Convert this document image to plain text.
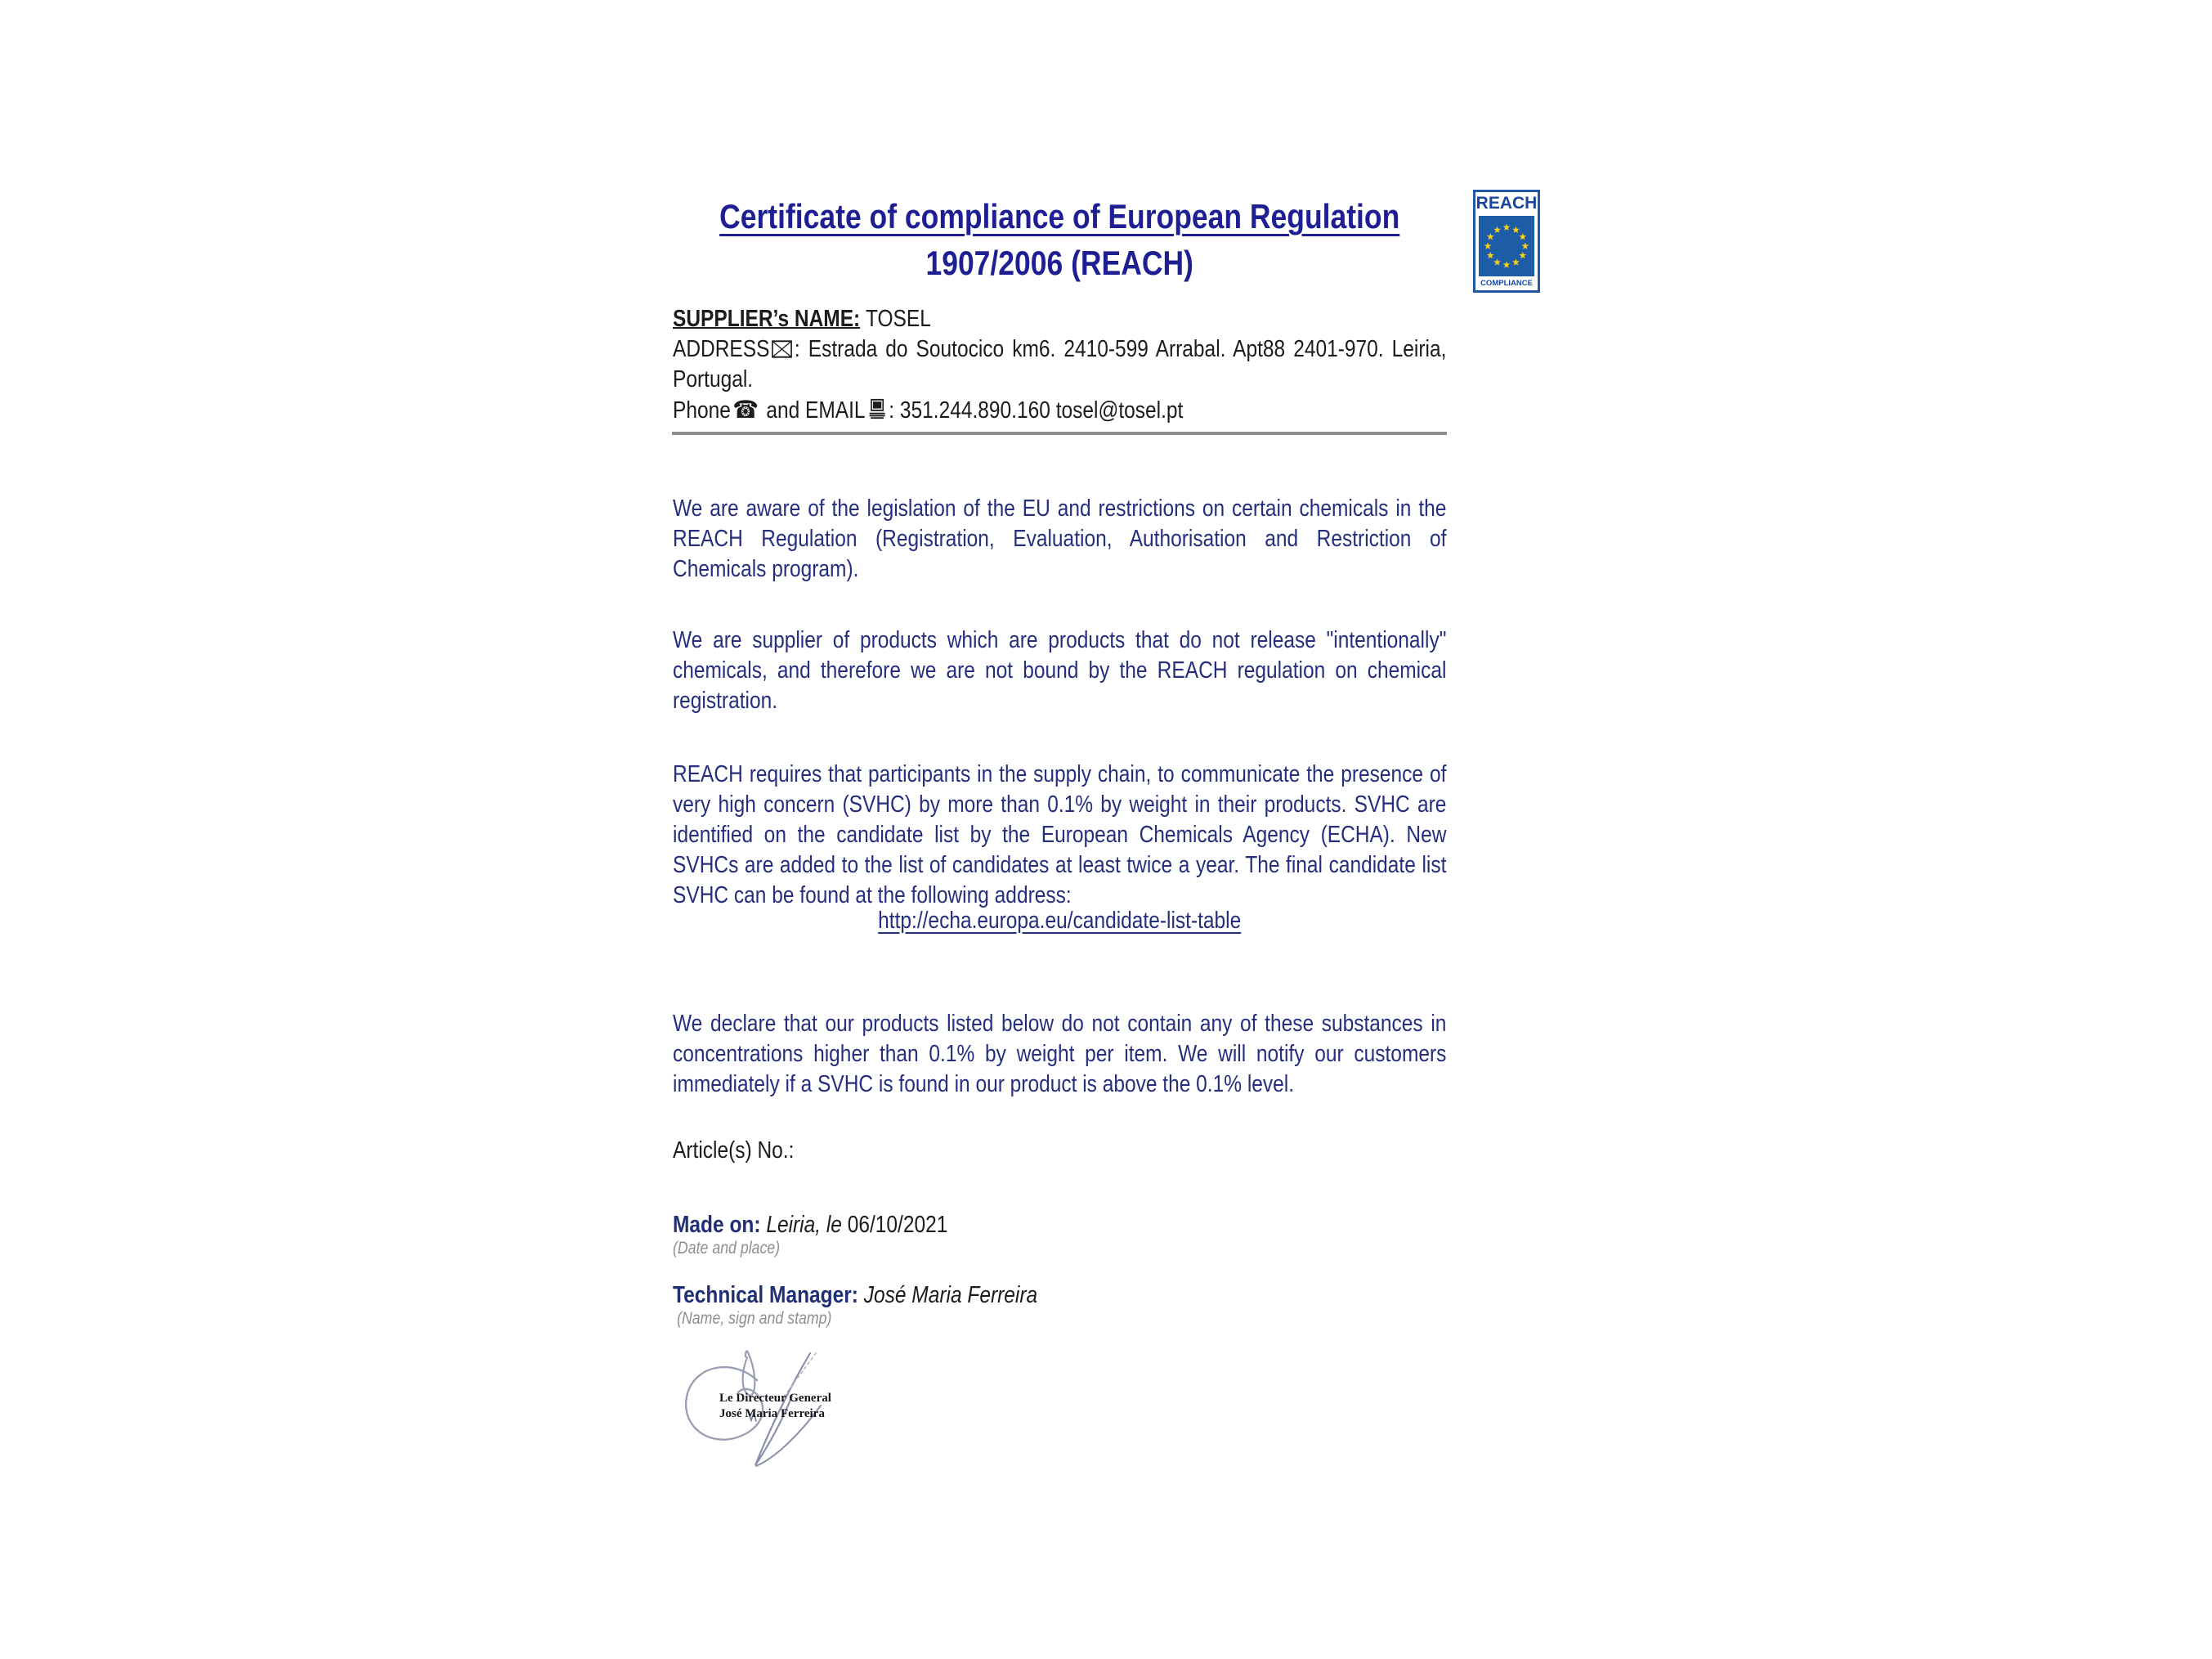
Certificate of compliance of European Regulation
1907/2006 (REACH)
REACH
COMPLIANCE
SUPPLIER’s NAME: TOSEL
ADDRESS : Estrada do Soutocico km6. 2410-599 Arrabal. Apt88 2401-970. Leiria, Portugal.
Phone☎ and EMAIL : 351.244.890.160 tosel@tosel.pt

We are aware of the legislation of the EU and restrictions on certain chemicals in the REACH Regulation (Registration, Evaluation, Authorisation and Restriction of Chemicals program).

We are supplier of products which are products that do not release "intentionally" chemicals, and therefore we are not bound by the REACH regulation on chemical registration.

REACH requires that participants in the supply chain, to communicate the presence of very high concern (SVHC) by more than 0.1% by weight in their products. SVHC are identified on the candidate list by the European Chemicals Agency (ECHA). New SVHCs are added to the list of candidates at least twice a year. The final candidate list SVHC can be found at the following address:

http://echa.europa.eu/candidate-list-table

We declare that our products listed below do not contain any of these substances in concentrations higher than 0.1% by weight per item. We will notify our customers immediately if a SVHC is found in our product is above the 0.1% level.

Article(s) No.:

Made on: Leiria, le 06/10/2021
(Date and place)
Technical Manager: José Maria Ferreira
(Name, sign and stamp)
Le Directeur General
José Maria Ferreira
